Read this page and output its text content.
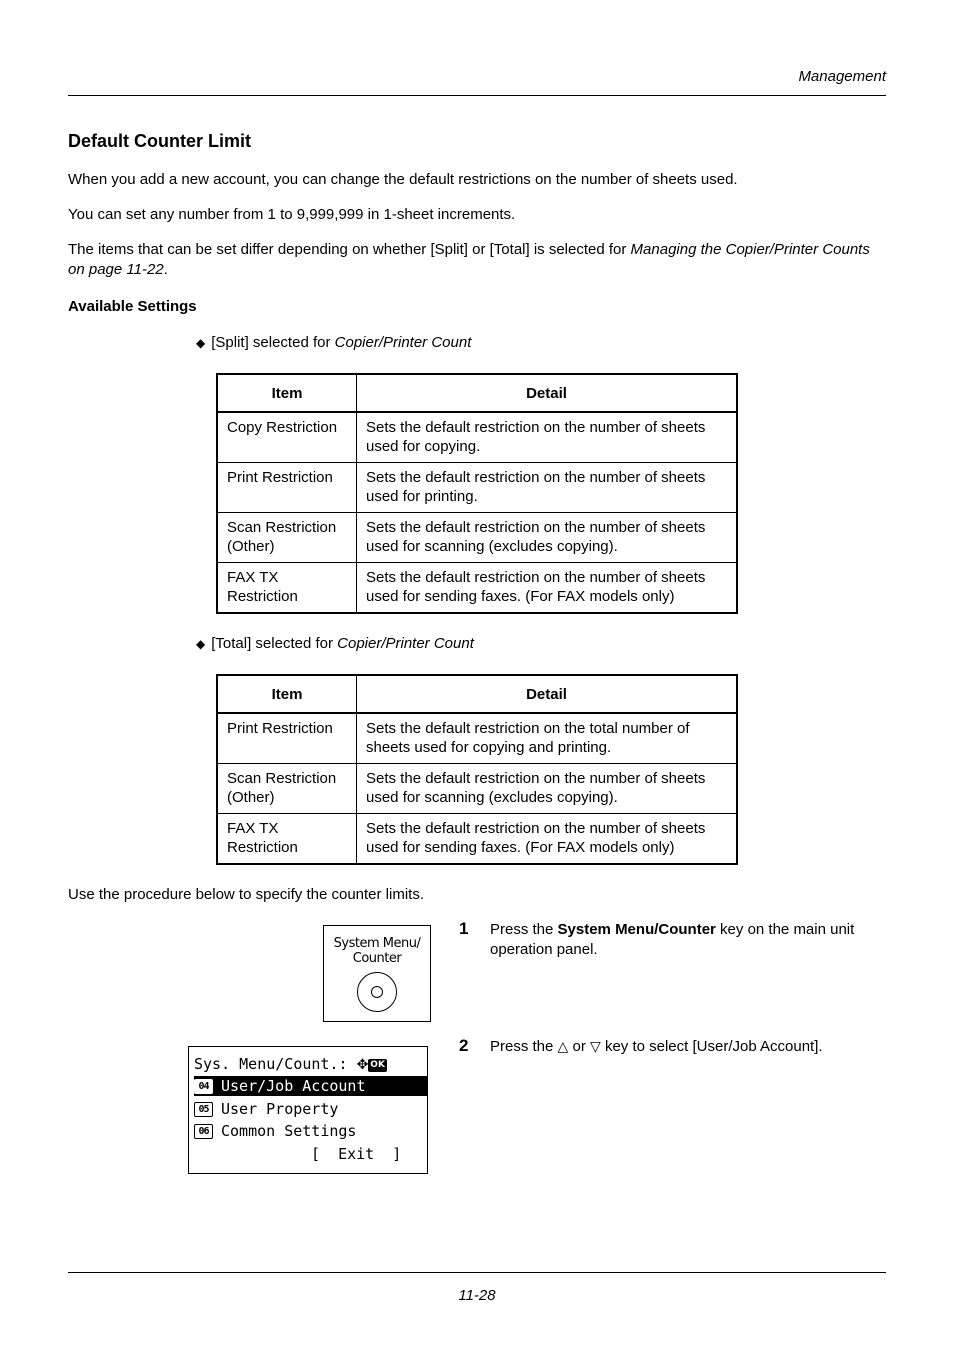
Management
Default Counter Limit

When you add a new account, you can change the default restrictions on the number of sheets used.

You can set any number from 1 to 9,999,999 in 1-sheet increments.

The items that can be set differ depending on whether [Split] or [Total] is selected for Managing the Copier/Printer Counts on page 11-22.

Available Settings
◆ [Split] selected for Copier/Printer Count
Item	Detail
Copy Restriction	Sets the default restriction on the number of sheets used for copying.
Print Restriction	Sets the default restriction on the number of sheets used for printing.
Scan Restriction (Other)	Sets the default restriction on the number of sheets used for scanning (excludes copying).
FAX TX Restriction	Sets the default restriction on the number of sheets used for sending faxes. (For FAX models only)
◆ [Total] selected for Copier/Printer Count
Item	Detail
Print Restriction	Sets the default restriction on the total number of sheets used for copying and printing.
Scan Restriction (Other)	Sets the default restriction on the number of sheets used for scanning (excludes copying).
FAX TX Restriction	Sets the default restriction on the number of sheets used for sending faxes. (For FAX models only)

Use the procedure below to specify the counter limits.

System Menu/
Counter
1 Press the System Menu/Counter key on the main unit operation panel.
Sys. Menu/Count.: ✥ OK
04 User/Job Account
05 User Property
06 Common Settings
[  Exit  ]
2 Press the △ or ▽ key to select [User/Job Account].
11-28
